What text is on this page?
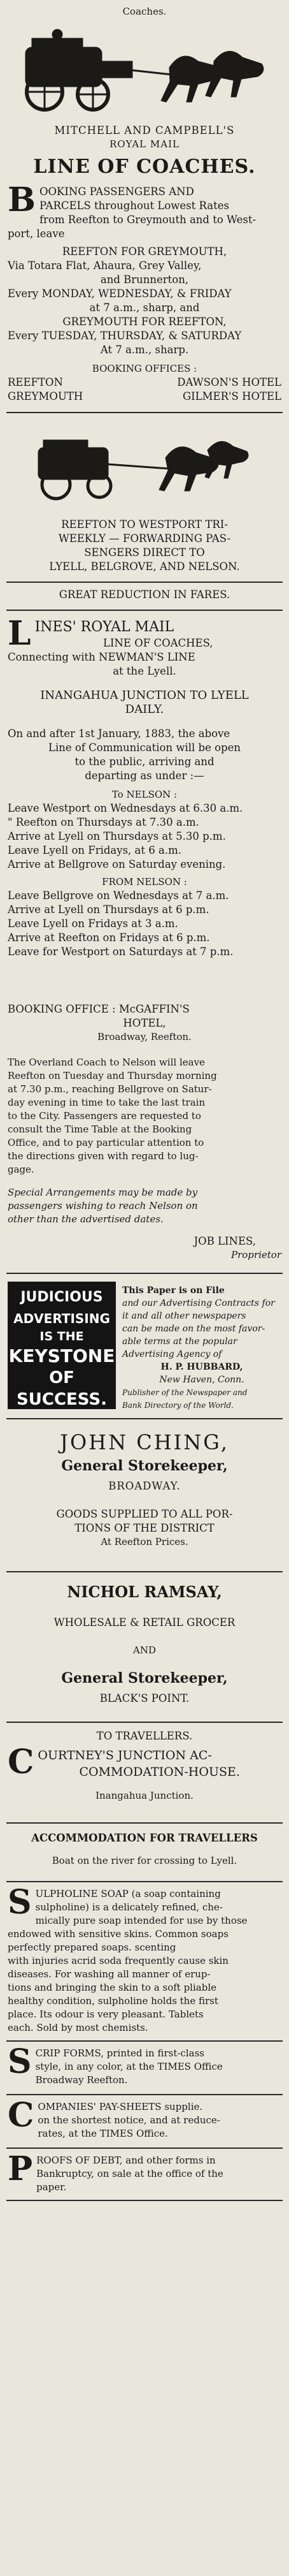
Coaches.
MITCHELL AND CAMPBELL'S
ROYAL MAIL
LINE OF COACHES.
B OOKING PASSENGERS AND
PARCELS throughout Lowest Rates
from Reefton to Greymouth and to West-
port, leave
REEFTON FOR GREYMOUTH,
Via Totara Flat, Ahaura, Grey Valley,
and Brunnerton,
Every MONDAY, WEDNESDAY, & FRIDAY
at 7 a.m., sharp, and
GREYMOUTH FOR REEFTON,
Every TUESDAY, THURSDAY, & SATURDAY
At 7 a.m., sharp.
BOOKING OFFICES :
REEFTON	DAWSON'S HOTEL
GREYMOUTH	GILMER'S HOTEL
REEFTON TO WESTPORT TRI-
WEEKLY — FORWARDING PAS-
SENGERS DIRECT TO
LYELL, BELGROVE, AND NELSON.
GREAT REDUCTION IN FARES.
L INES' ROYAL MAIL
LINE OF COACHES,
Connecting with NEWMAN'S LINE
at the Lyell.
INANGAHUA JUNCTION TO LYELL
DAILY.
On and after 1st January, 1883, the above
Line of Communication will be open
to the public, arriving and
departing as under :—
To NELSON :
Leave Westport on Wednesdays at 6.30 a.m.
" Reefton on Thursdays at 7.30 a.m.
Arrive at Lyell on Thursdays at 5.30 p.m.
Leave Lyell on Fridays, at 6 a.m.
Arrive at Bellgrove on Saturday evening.
FROM NELSON :
Leave Bellgrove on Wednesdays at 7 a.m.
Arrive at Lyell on Thursdays at 6 p.m.
Leave Lyell on Fridays at 3 a.m.
Arrive at Reefton on Fridays at 6 p.m.
Leave for Westport on Saturdays at 7 p.m.
BOOKING OFFICE : McGAFFIN'S
HOTEL,
Broadway, Reefton.
The Overland Coach to Nelson will leave
Reefton on Tuesday and Thursday morning
at 7.30 p.m., reaching Bellgrove on Satur-
day evening in time to take the last train
to the City. Passengers are requested to
consult the Time Table at the Booking
Office, and to pay particular attention to
the directions given with regard to lug-
gage.
Special Arrangements may be made by
passengers wishing to reach Nelson on
other than the advertised dates.
JOB LINES,
Proprietor
JUDICIOUS
ADVERTISING
IS THE
KEYSTONE
OF SUCCESS.
This Paper is on File
and our Advertising Contracts for
it and all other newspapers
can be made on the most favor-
able terms at the popular
Advertising Agency of
H. P. HUBBARD,
New Haven, Conn.
Publisher of the Newspaper and
Bank Directory of the World.
JOHN CHING,
General Storekeeper,
BROADWAY.
GOODS SUPPLIED TO ALL POR-
TIONS OF THE DISTRICT
At Reefton Prices.
NICHOL RAMSAY,
WHOLESALE & RETAIL GROCER
AND
General Storekeeper,
BLACK'S POINT.
TO TRAVELLERS.
C OURTNEY'S JUNCTION AC-
COMMODATION-HOUSE.
Inangahua Junction.
ACCOMMODATION FOR TRAVELLERS
Boat on the river for crossing to Lyell.
S ULPHOLINE SOAP (a soap containing
sulpholine) is a delicately refined, che-
mically pure soap intended for use by those
endowed with sensitive skins. Common soaps
perfectly prepared soaps. scenting
with injuries acrid soda frequently cause skin
diseases. For washing all manner of erup-
tions and bringing the skin to a soft pliable
healthy condition, sulpholine holds the first
place. Its odour is very pleasant. Tablets
each. Sold by most chemists.
S CRIP FORMS, printed in first-class
style, in any color, at the TIMES Office
Broadway Reefton.
C OMPANIES' PAY-SHEETS supplie.
on the shortest notice, and at reduce-
rates, at the TIMES Office.
P ROOFS OF DEBT, and other forms in
Bankruptcy, on sale at the office of the
paper.
